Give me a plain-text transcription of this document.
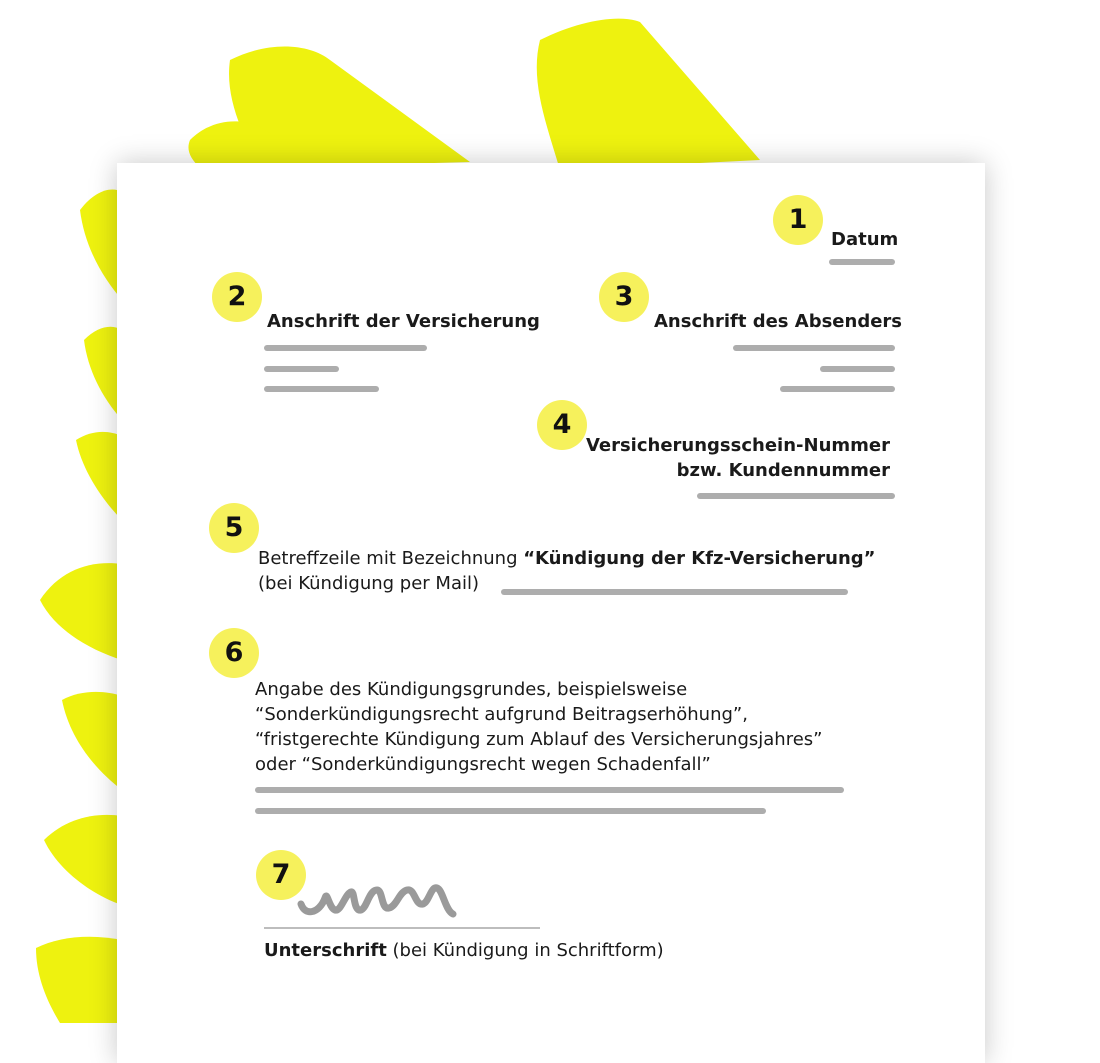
1
Datum
2
Anschrift der Versicherung
3
Anschrift des Absenders
4
Versicherungsschein-Nummer
bzw. Kundennummer
5
Betreffzeile mit Bezeichnung “Kündigung der Kfz-Versicherung”
(bei Kündigung per Mail)
6
Angabe des Kündigungsgrundes, beispielsweise
“Sonderkündigungsrecht aufgrund Beitragserhöhung”,
“fristgerechte Kündigung zum Ablauf des Versicherungsjahres”
oder “Sonderkündigungsrecht wegen Schadenfall”
7
Unterschrift (bei Kündigung in Schriftform)
